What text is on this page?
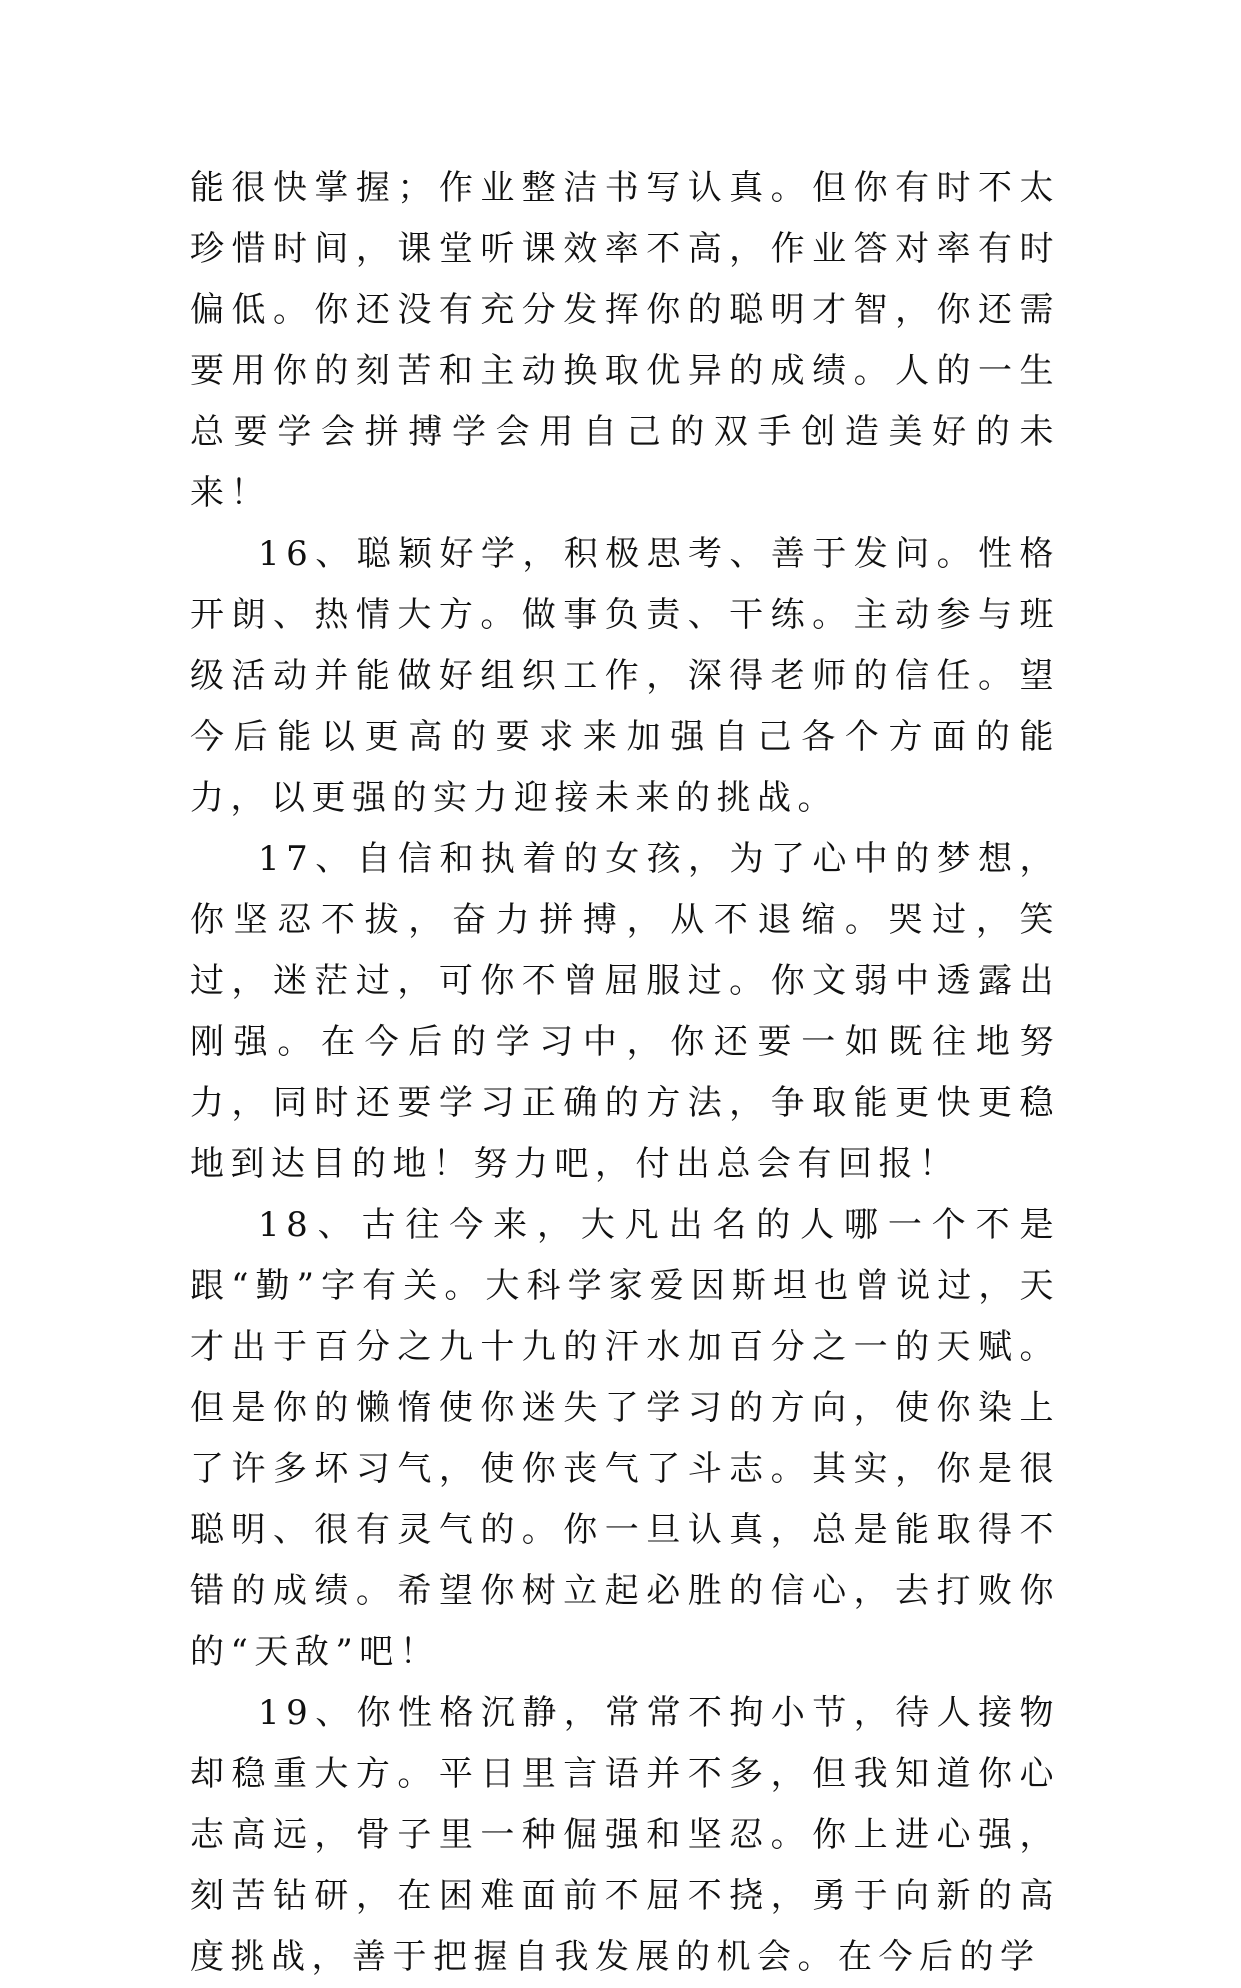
能很快掌握；作业整洁书写认真。但你有时不太珍惜时间，课堂听课效率不高，作业答对率有时偏低。你还没有充分发挥你的聪明才智，你还需要用你的刻苦和主动换取优异的成绩。人的一生总要学会拼搏学会用自己的双手创造美好的未来！

16、聪颖好学，积极思考、善于发问。性格开朗、热情大方。做事负责、干练。主动参与班级活动并能做好组织工作，深得老师的信任。望今后能以更高的要求来加强自己各个方面的能力，以更强的实力迎接未来的挑战。

17、自信和执着的女孩，为了心中的梦想，你坚忍不拔，奋力拼搏，从不退缩。哭过，笑过，迷茫过，可你不曾屈服过。你文弱中透露出刚强。在今后的学习中，你还要一如既往地努力，同时还要学习正确的方法，争取能更快更稳地到达目的地！努力吧，付出总会有回报！

18、古往今来，大凡出名的人哪一个不是跟“勤”字有关。大科学家爱因斯坦也曾说过，天才出于百分之九十九的汗水加百分之一的天赋。但是你的懒惰使你迷失了学习的方向，使你染上了许多坏习气，使你丧气了斗志。其实，你是很聪明、很有灵气的。你一旦认真，总是能取得不错的成绩。希望你树立起必胜的信心，去打败你的“天敌”吧！

19、你性格沉静，常常不拘小节，待人接物却稳重大方。平日里言语并不多，但我知道你心志高远，骨子里一种倔强和坚忍。你上进心强，刻苦钻研，在困难面前不屈不挠，勇于向新的高度挑战，善于把握自我发展的机会。在今后的学
